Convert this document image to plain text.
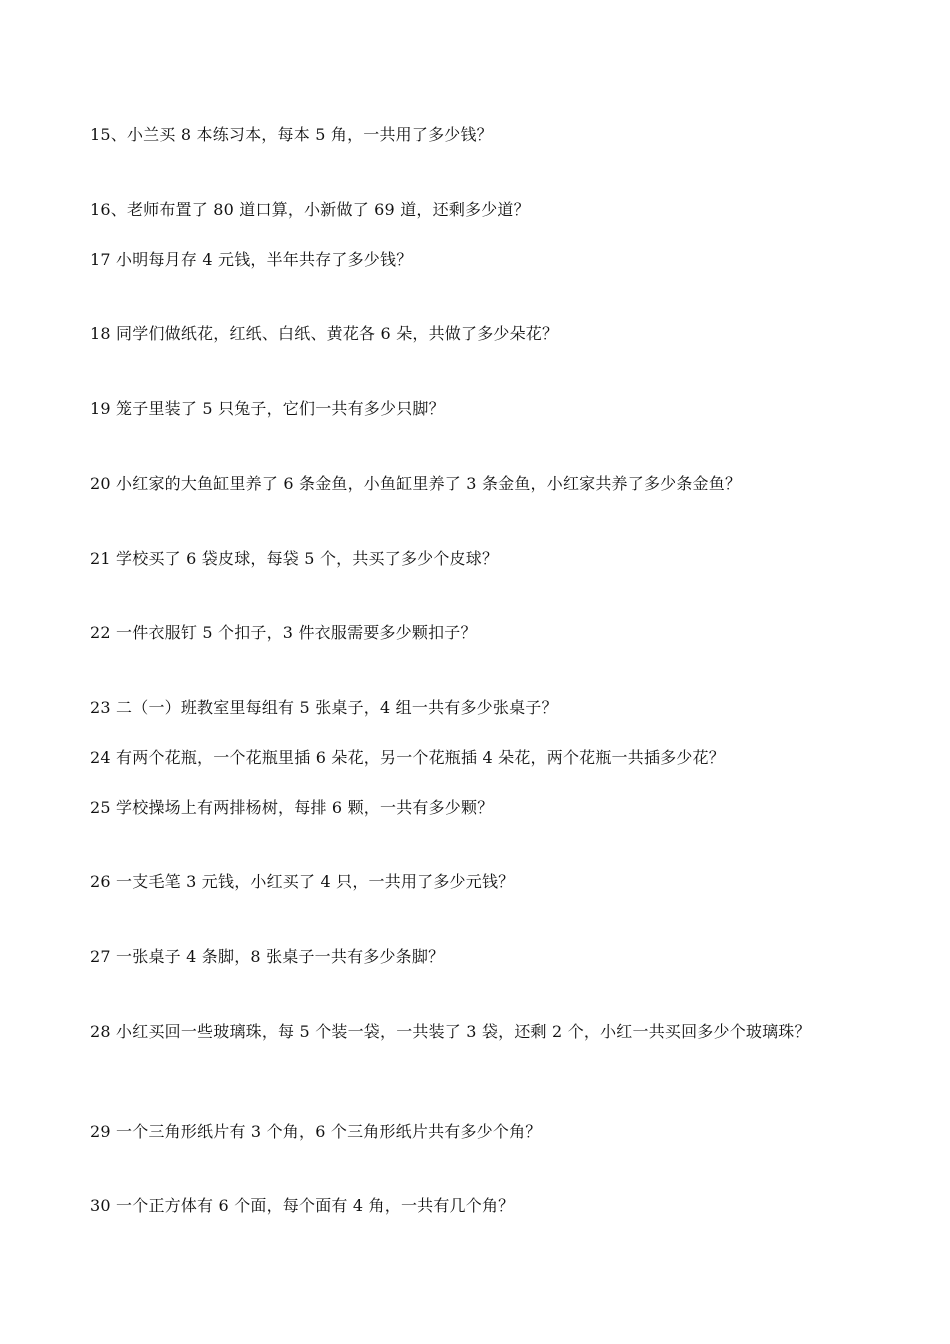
15、小兰买 8 本练习本，每本 5 角，一共用了多少钱？

16、老师布置了 80 道口算，小新做了 69 道，还剩多少道？

17 小明每月存 4 元钱，半年共存了多少钱？

18 同学们做纸花，红纸、白纸、黄花各 6 朵，共做了多少朵花？

19 笼子里装了 5 只兔子，它们一共有多少只脚？

20 小红家的大鱼缸里养了 6 条金鱼，小鱼缸里养了 3 条金鱼，小红家共养了多少条金鱼？

21 学校买了 6 袋皮球，每袋 5 个，共买了多少个皮球？

22 一件衣服钉 5 个扣子，3 件衣服需要多少颗扣子？

23 二（一）班教室里每组有 5 张桌子，4 组一共有多少张桌子？

24 有两个花瓶，一个花瓶里插 6 朵花，另一个花瓶插 4 朵花，两个花瓶一共插多少花？

25 学校操场上有两排杨树，每排 6 颗，一共有多少颗？

26 一支毛笔 3 元钱，小红买了 4 只，一共用了多少元钱？

27 一张桌子 4 条脚，8 张桌子一共有多少条脚？

28 小红买回一些玻璃珠，每 5 个装一袋，一共装了 3 袋，还剩 2 个，小红一共买回多少个玻璃珠？

29 一个三角形纸片有 3 个角，6 个三角形纸片共有多少个角？

30 一个正方体有 6 个面，每个面有 4 角，一共有几个角？
